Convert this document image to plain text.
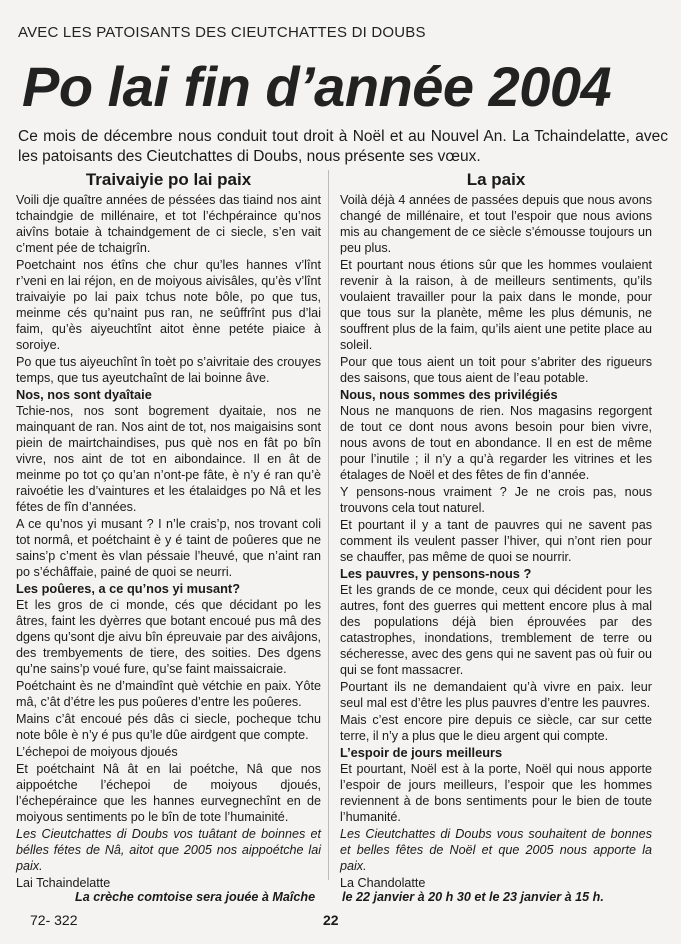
AVEC LES PATOISANTS DES CIEUTCHATTES DI DOUBS
Po lai fin d’année 2004
Ce mois de décembre nous conduit tout droit à Noël et au Nouvel An. La Tchaindelatte, avec les patoisants des Cieutchattes di Doubs, nous présente ses vœux.
Traivaiyie po lai paix

Voili dje quaître années de péssées das tiaind nos aint tchaindgie de millénaire, et tot l’échpéraince qu’nos aivîns botaie à tchaindgement de ci siecle, s’en vait c’ment pée de tchaigrîn.

Poetchaint nos étîns che chur qu’les hannes v’lînt r’veni en lai réjon, en de moiyous aivisâles, qu’ès v’lînt traivaiyie po lai paix tchus note bôle, po que tus, meinme cés qu’naint pus ran, ne seûffrînt pus d’lai faim, qu’ès aiyeuchtînt aitot ènne petéte piaice à soroiye.

Po que tus aiyeuchînt în toèt po s’aivritaie des crouyes temps, que tus ayeutchaînt de lai boinne âve.

Nos, nos sont dyaîtaie

Tchie-nos, nos sont bogrement dyaitaie, nos ne mainquant de ran. Nos aint de tot, nos maigaisins sont piein de mairtchaindises, pus què nos en fât po bîn vivre, nos aint de tot en aibondaince. Il en ât de meinme po tot ço qu’an n’ont-pe fâte, è n’y é ran qu’è raivoétie les d’vaintures et les étalaidges po Nâ et les fétes de fîn d’années.

A ce qu’nos yi musant ? I n’le crais’p, nos trovant coli tot normâ, et poétchaint è y é taint de poûeres que ne sains’p c’ment ès vlan péssaie l’heuvé, que n’aint ran po s’échâffaie, painé de quoi se neurri.

Les poûeres, a ce qu’nos yi musant?

Et les gros de ci monde, cés que décidant po les âtres, faint les dyèrres que botant encoué pus mâ des dgens qu’sont dje aivu bîn épreuvaie par des aivâjons, des trembyements de tiere, des soities. Des dgens qu’ne sains’p voué fure, qu’se faint maissaicraie.

Poétchaint ès ne d’maindînt què vétchie en paix. Yôte mâ, c’ât d’étre les pus poûeres d’entre les poûeres.

Mains c’ât encoué pés dâs ci siecle, pocheque tchu note bôle è n’y é pus qu’le dûe airdgent que compte.

L’échepoi de moiyous djoués

Et poétchaint Nâ ât en lai poétche, Nâ que nos aippoétche l’échepoi de moiyous djoués, l’échepéraince que les hannes eurvegnechînt en de moiyous sentiments po le bîn de tote l’humainité.

Les Cieutchattes di Doubs vos tuâtant de boinnes et bélles fétes de Nâ, aitot que 2005 nos aippoétche lai paix.

Lai Tchaindelatte

La paix

Voilà déjà 4 années de passées depuis que nous avons changé de millénaire, et tout l’espoir que nous avions mis au changement de ce siècle s’émousse toujours un peu plus.

Et pourtant nous étions sûr que les hommes voulaient revenir à la raison, à de meilleurs sentiments, qu’ils voulaient travailler pour la paix dans le monde, pour que tous sur la planète, même les plus démunis, ne souffrent plus de la faim, qu’ils aient une petite place au soleil.

Pour que tous aient un toit pour s’abriter des rigueurs des saisons, que tous aient de l’eau potable.

Nous, nous sommes des privilégiés

Nous ne manquons de rien. Nos magasins regorgent de tout ce dont nous avons besoin pour bien vivre, nous avons de tout en abondance. Il en est de même pour l’inutile ; il n’y a qu’à regarder les vitrines et les étalages de Noël et des fêtes de fin d’année.

Y pensons-nous vraiment ? Je ne crois pas, nous trouvons cela tout naturel.

Et pourtant il y a tant de pauvres qui ne savent pas comment ils veulent passer l’hiver, qui n’ont rien pour se chauffer, pas même de quoi se nourrir.

Les pauvres, y pensons-nous ?

Et les grands de ce monde, ceux qui décident pour les autres, font des guerres qui mettent encore plus à mal des populations déjà bien éprouvées par des catastrophes, inondations, tremblement de terre ou sécheresse, avec des gens qui ne savent pas où fuir ou qui se font massacrer.

Pourtant ils ne demandaient qu’à vivre en paix. leur seul mal est d’être les plus pauvres d’entre les pauvres.

Mais c’est encore pire depuis ce siècle, car sur cette terre, il n’y a plus que le dieu argent qui compte.

L’espoir de jours meilleurs

Et pourtant, Noël est à la porte, Noël qui nous apporte l’espoir de jours meilleurs, l’espoir que les hommes reviennent à de bons sentiments pour le bien de toute l’humanité.

Les Cieutchattes di Doubs vous souhaitent de bonnes et belles fêtes de Noël et que 2005 nous apporte la paix.

La Chandolatte

La crèche comtoise sera jouée à Maîche le 22 janvier à 20 h 30 et le 23 janvier à 15 h.
72- 322	22
